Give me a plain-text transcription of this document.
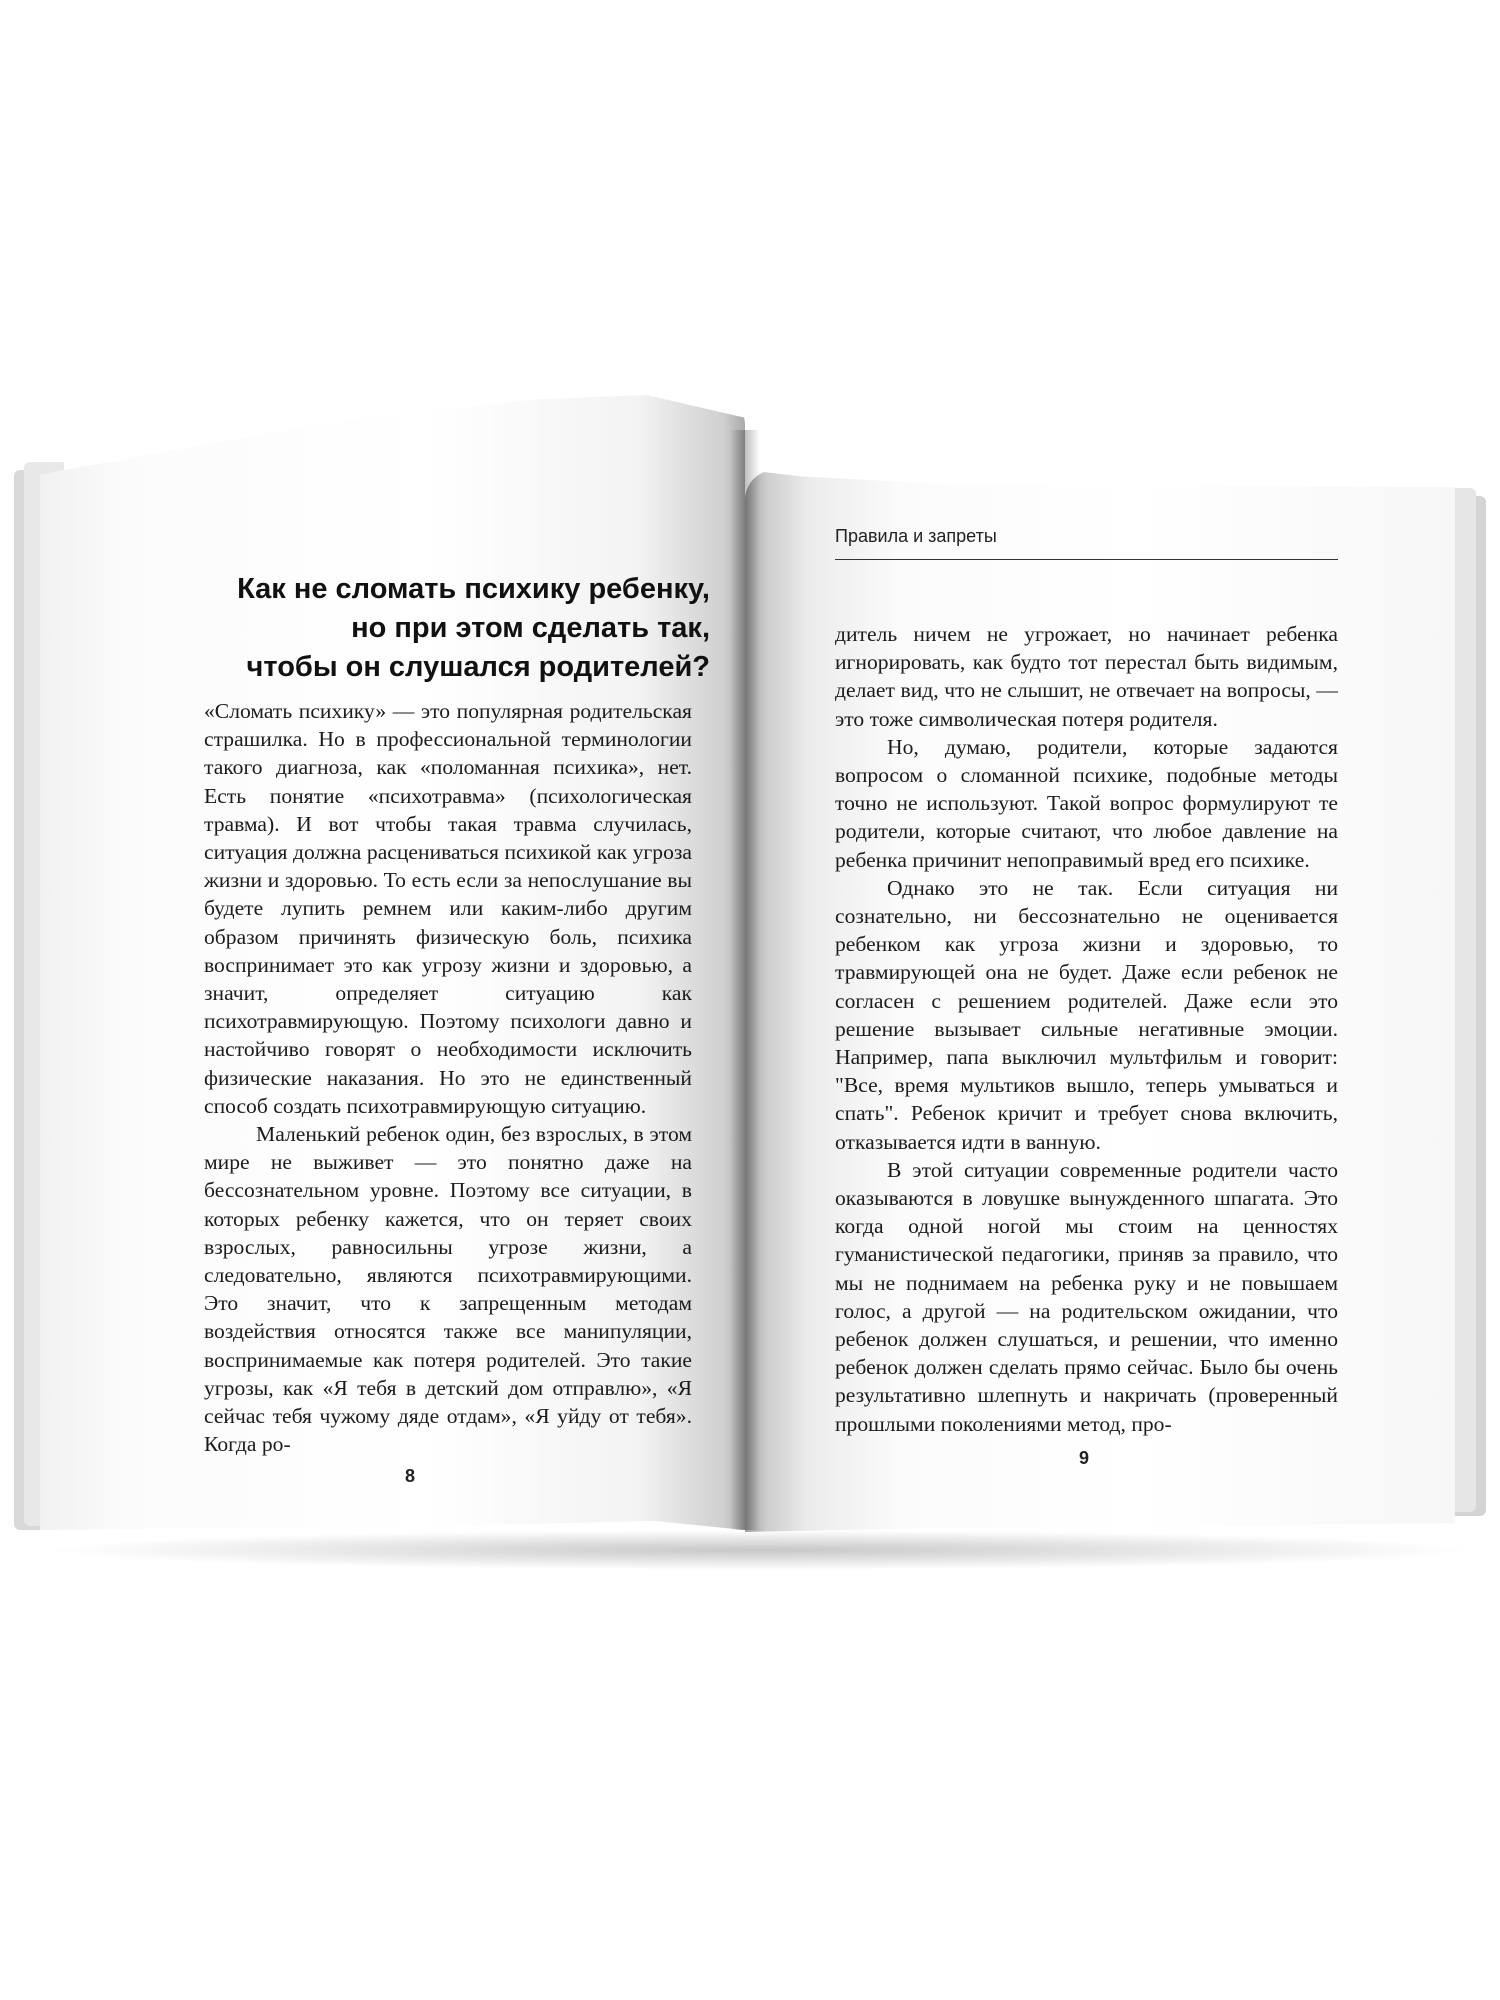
Как не сломать психику ребенку,
но при этом сделать так,
чтобы он слушался родителей?

«Сломать психику» — это популярная родительская страшилка. Но в профессиональной терминологии такого диагноза, как «поломанная психика», нет. Есть понятие «психотравма» (психологическая травма). И вот чтобы такая травма случилась, ситуация должна расцениваться психикой как угроза жизни и здоровью. То есть если за непослушание вы будете лупить ремнем или каким-либо другим образом причинять физическую боль, психика воспринимает это как угрозу жизни и здоровью, а значит, определяет ситуацию как психотравмирующую. Поэтому психологи давно и настойчиво говорят о необходимости исключить физические наказания. Но это не единственный способ создать психотравмирующую ситуацию.

Маленький ребенок один, без взрослых, в этом мире не выживет — это понятно даже на бессознательном уровне. Поэтому все ситуации, в которых ребенку кажется, что он теряет своих взрослых, равносильны угрозе жизни, а следовательно, являются психотравмирующими. Это значит, что к запрещенным методам воздействия относятся также все манипуляции, воспринимаемые как потеря родителей. Это такие угрозы, как «Я тебя в детский дом отправлю», «Я сейчас тебя чужому дяде отдам», «Я уйду от тебя». Когда ро-

8
Правила и запреты

дитель ничем не угрожает, но начинает ребенка игнорировать, как будто тот перестал быть видимым, делает вид, что не слышит, не отвечает на вопросы, — это тоже символическая потеря родителя.

Но, думаю, родители, которые задаются вопросом о сломанной психике, подобные методы точно не используют. Такой вопрос формулируют те родители, которые считают, что любое давление на ребенка причинит непоправимый вред его психике.

Однако это не так. Если ситуация ни сознательно, ни бессознательно не оценивается ребенком как угроза жизни и здоровью, то травмирующей она не будет. Даже если ребенок не согласен с решением родителей. Даже если это решение вызывает сильные негативные эмоции. Например, папа выключил мультфильм и говорит: "Все, время мультиков вышло, теперь умываться и спать". Ребенок кричит и требует снова включить, отказывается идти в ванную.

В этой ситуации современные родители часто оказываются в ловушке вынужденного шпагата. Это когда одной ногой мы стоим на ценностях гуманистической педагогики, приняв за правило, что мы не поднимаем на ребенка руку и не повышаем голос, а другой — на родительском ожидании, что ребенок должен слушаться, и решении, что именно ребенок должен сделать прямо сейчас. Было бы очень результативно шлепнуть и накричать (проверенный прошлыми поколениями метод, про-

9
